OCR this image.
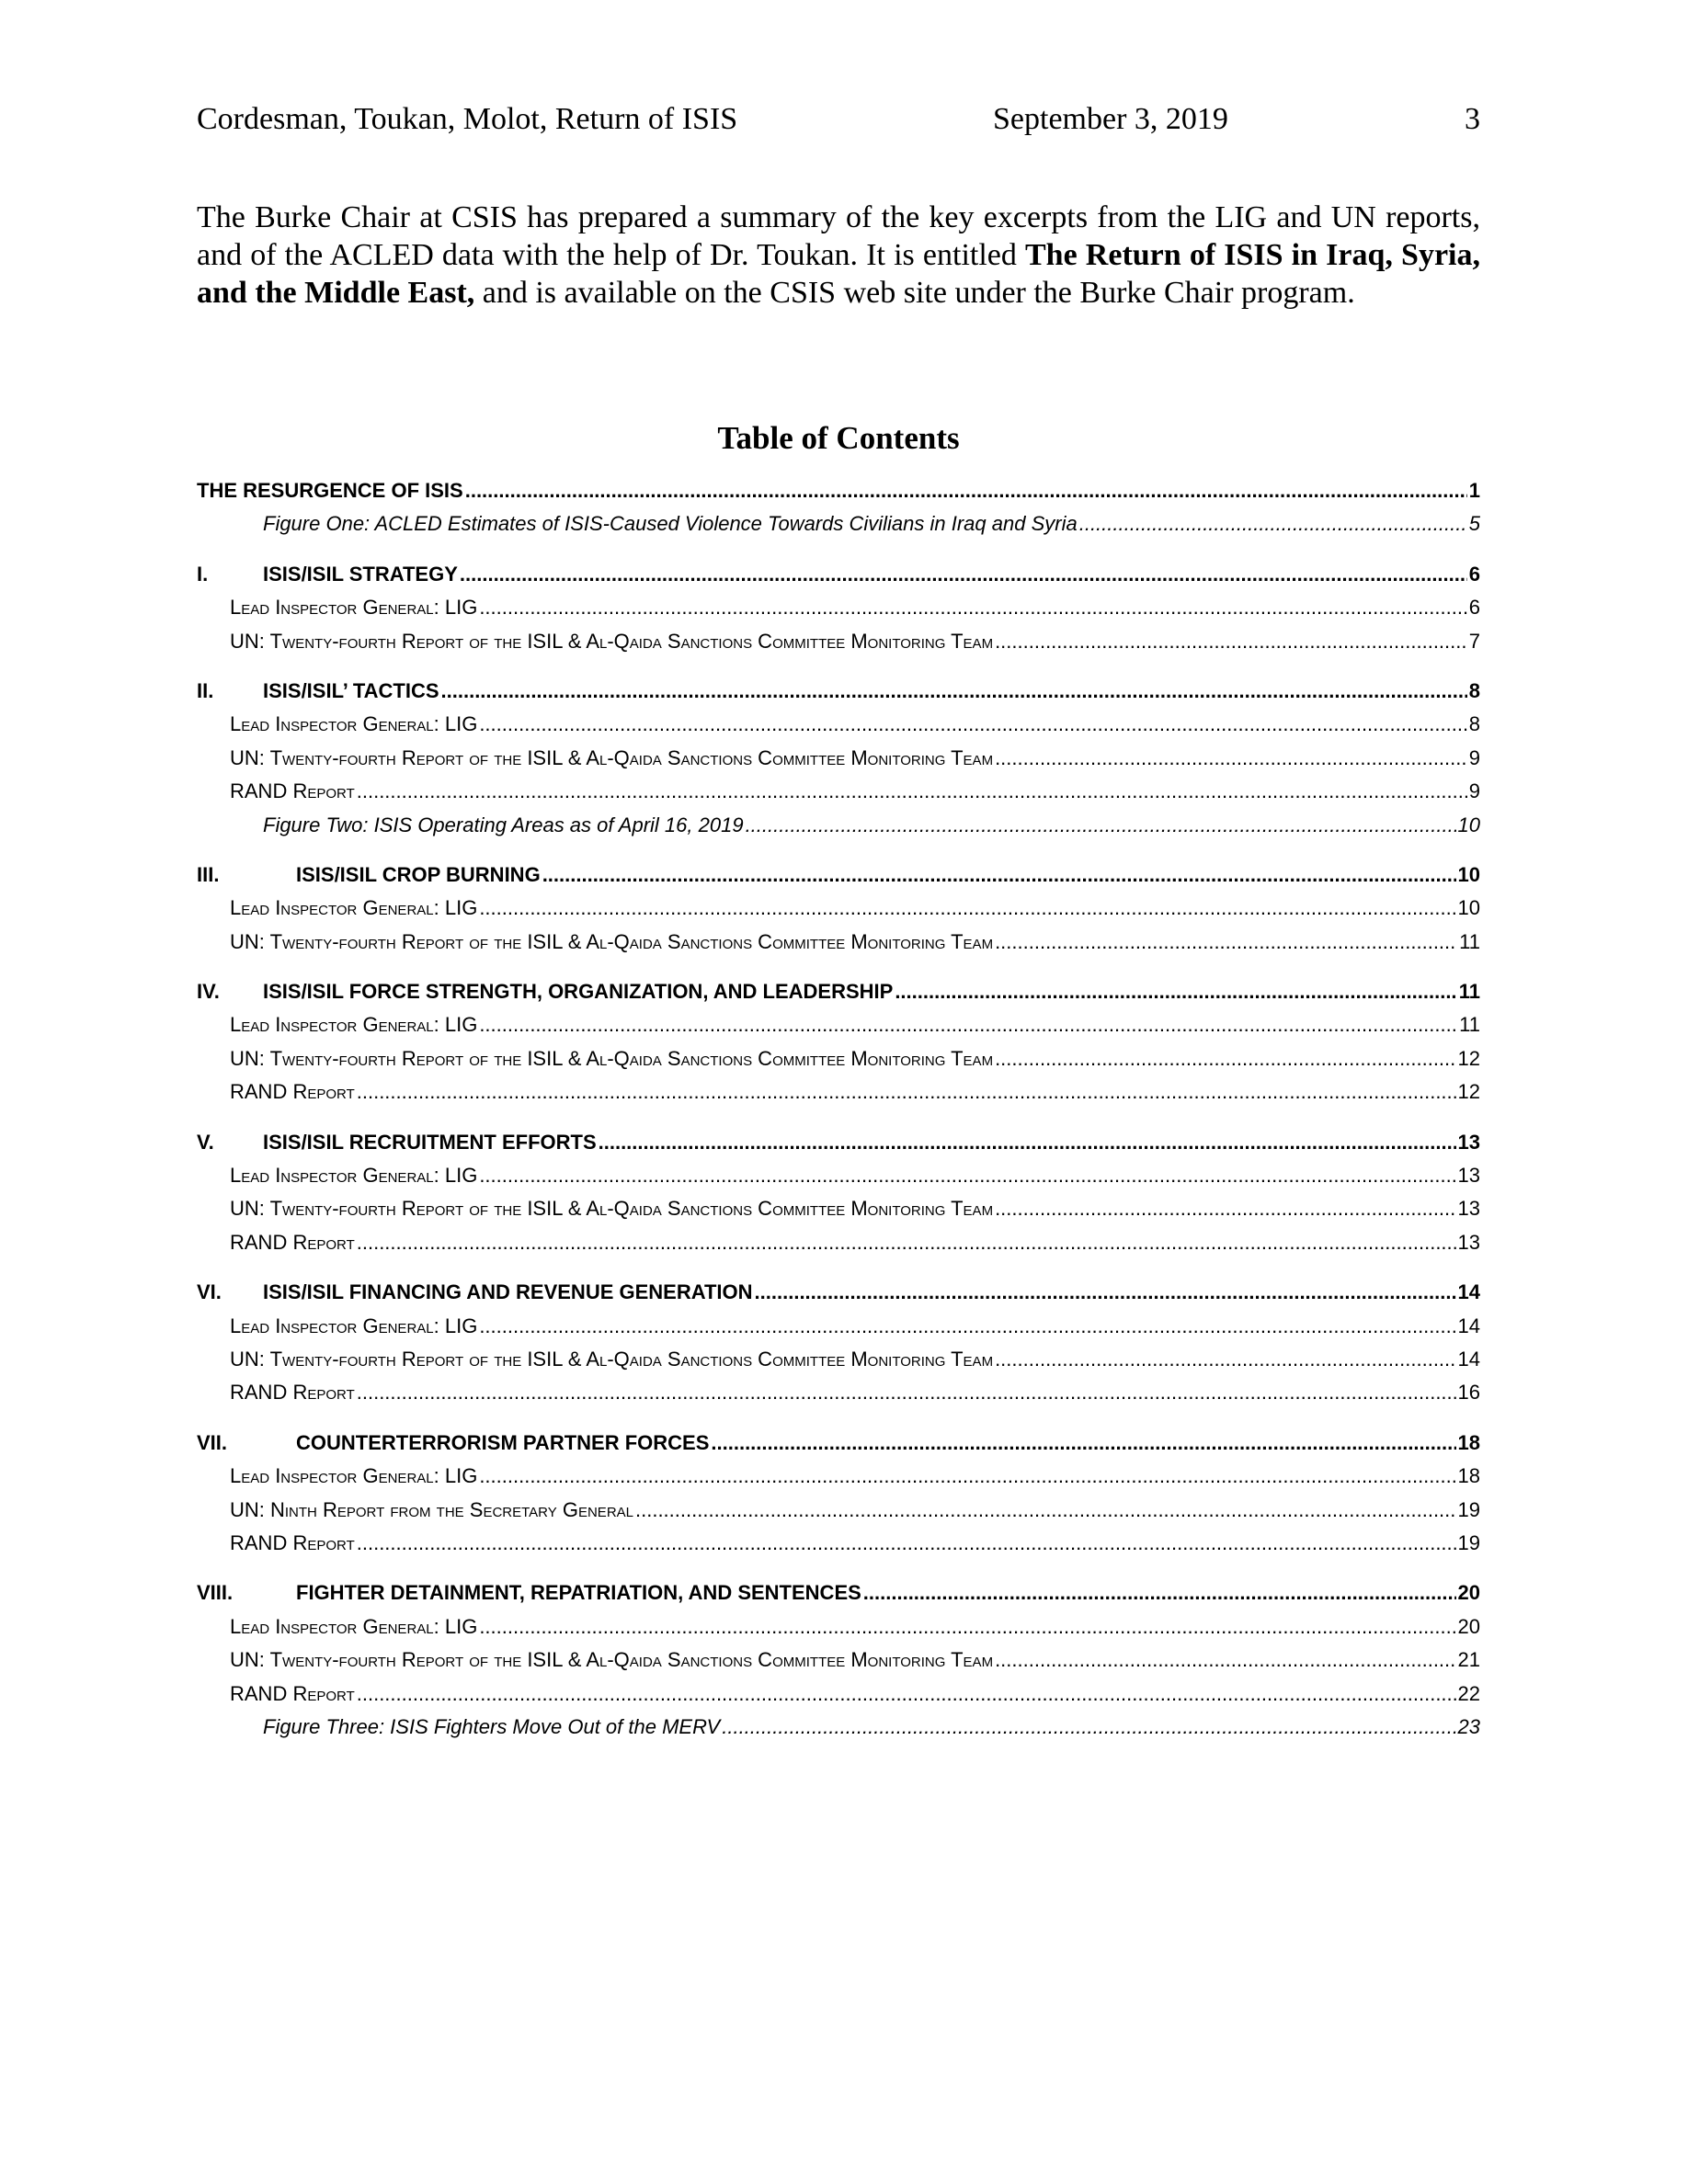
Cordesman, Toukan, Molot, Return of ISIS	September 3, 2019	3

The Burke Chair at CSIS has prepared a summary of the key excerpts from the LIG and UN reports, and of the ACLED data with the help of Dr. Toukan. It is entitled The Return of ISIS in Iraq, Syria, and the Middle East, and is available on the CSIS web site under the Burke Chair program.

Table of Contents
THE RESURGENCE OF ISIS .....	1
Figure One: ACLED Estimates of ISIS-Caused Violence Towards Civilians in Iraq and Syria .....	5
I.	ISIS/ISIL STRATEGY .....	6
Lead Inspector General: LIG .....	6
UN: Twenty-fourth Report of the ISIL & Al-Qaida Sanctions Committee Monitoring Team .....	7
II. ISIS/ISIL’ TACTICS .....	8
Lead Inspector General: LIG .....	8
UN: Twenty-fourth Report of the ISIL & Al-Qaida Sanctions Committee Monitoring Team .....	9
RAND Report .....	9
Figure Two: ISIS Operating Areas as of April 16, 2019 .....	10
III.	ISIS/ISIL CROP BURNING .....	10
Lead Inspector General: LIG .....	10
UN: Twenty-fourth Report of the ISIL & Al-Qaida Sanctions Committee Monitoring Team .....	11
IV. ISIS/ISIL FORCE STRENGTH, ORGANIZATION, AND LEADERSHIP .....	11
Lead Inspector General: LIG .....	11
UN: Twenty-fourth Report of the ISIL & Al-Qaida Sanctions Committee Monitoring Team .....	12
RAND Report .....	12
V. ISIS/ISIL RECRUITMENT EFFORTS .....	13
Lead Inspector General: LIG .....	13
UN: Twenty-fourth Report of the ISIL & Al-Qaida Sanctions Committee Monitoring Team .....	13
RAND Report .....	13
VI. ISIS/ISIL FINANCING AND REVENUE GENERATION .....	14
Lead Inspector General: LIG .....	14
UN: Twenty-fourth Report of the ISIL & Al-Qaida Sanctions Committee Monitoring Team .....	14
RAND Report .....	16
VII.	COUNTERTERRORISM PARTNER FORCES .....	18
Lead Inspector General: LIG .....	18
UN: Ninth Report from the Secretary General .....	19
RAND Report .....	19
VIII.	FIGHTER DETAINMENT, REPATRIATION, AND SENTENCES .....	20
Lead Inspector General: LIG .....	20
UN: Twenty-fourth Report of the ISIL & Al-Qaida Sanctions Committee Monitoring Team .....	21
RAND Report .....	22
Figure Three: ISIS Fighters Move Out of the MERV .....	23
